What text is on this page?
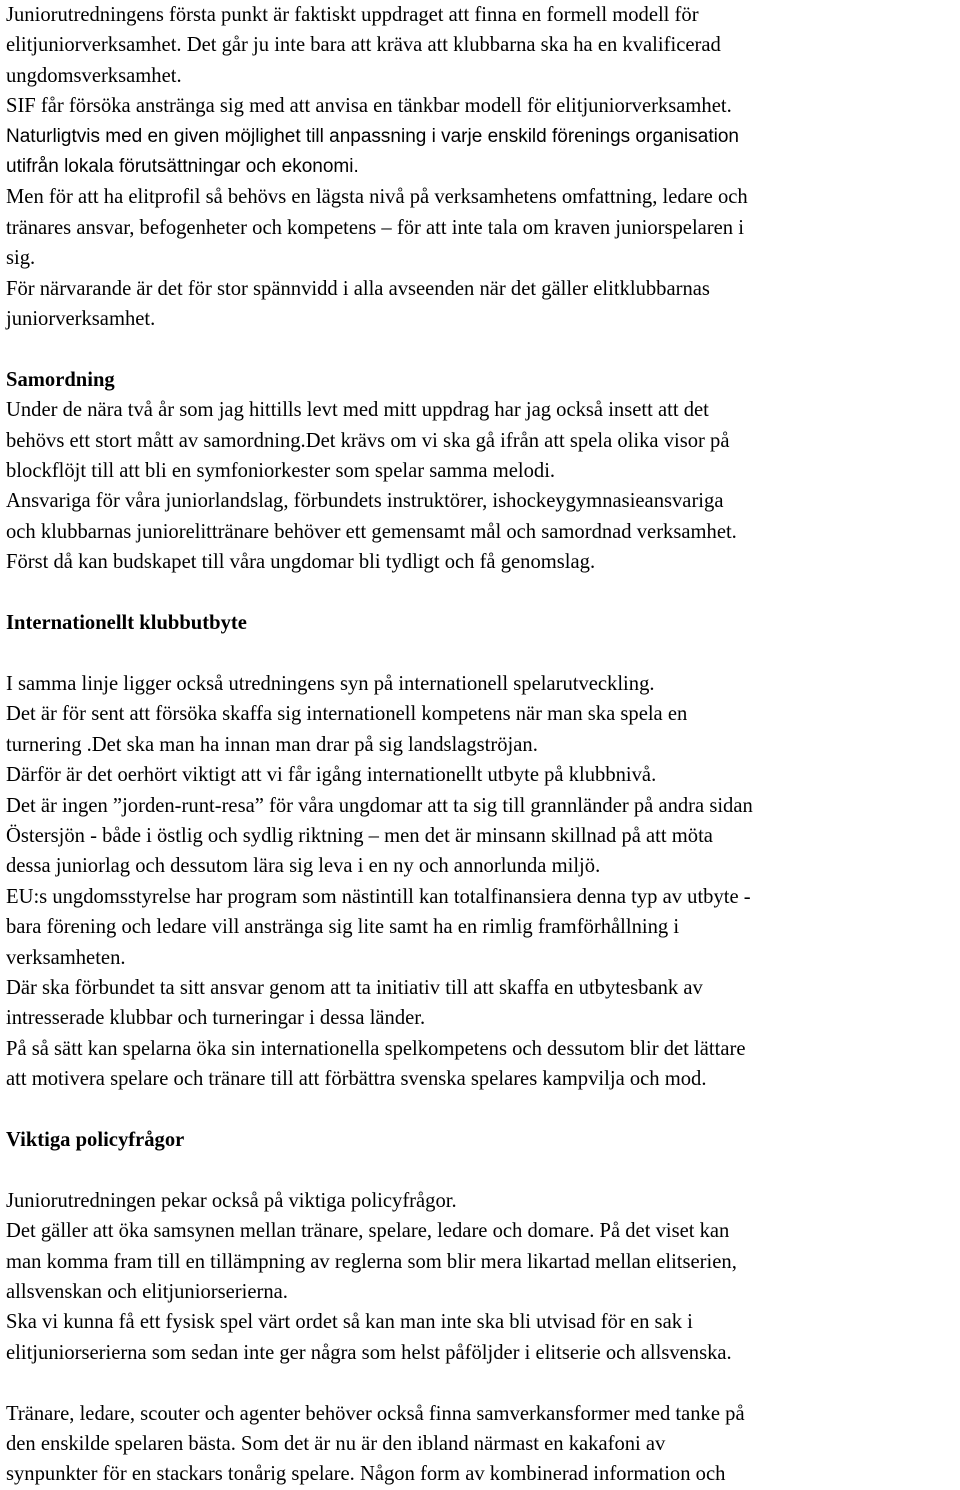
Juniorutredningens första punkt är faktiskt uppdraget att finna en formell modell för
elitjuniorverksamhet. Det går ju inte bara att kräva att klubbarna ska ha en kvalificerad
ungdomsverksamhet.

SIF får försöka anstränga sig med att anvisa en tänkbar modell för elitjuniorverksamhet.

Naturligtvis med en given möjlighet till anpassning i varje enskild förenings organisation
utifrån lokala förutsättningar och ekonomi.

Men för att ha elitprofil så behövs en lägsta nivå på verksamhetens omfattning, ledare och
tränares ansvar, befogenheter och kompetens – för att inte tala om kraven juniorspelaren i
sig.

För närvarande är det för stor spännvidd i alla avseenden när det gäller elitklubbarnas
juniorverksamhet.

Samordning

Under de nära två år som jag hittills levt med mitt uppdrag har jag också insett att det
behövs ett stort mått av samordning.Det krävs om vi ska gå ifrån att spela olika visor på
blockflöjt till att bli en symfoniorkester som spelar samma melodi.

Ansvariga för våra juniorlandslag, förbundets instruktörer, ishockeygymnasieansvariga
och klubbarnas juniorelittränare behöver ett gemensamt mål och samordnad verksamhet.

Först då kan budskapet till våra ungdomar bli tydligt och få genomslag.

Internationellt klubbutbyte

I samma linje ligger också utredningens syn på internationell spelarutveckling.

Det är för sent att försöka skaffa sig internationell kompetens när man ska spela en
turnering .Det ska man ha innan man drar på sig landslagströjan.

Därför är det oerhört viktigt att vi får igång internationellt utbyte på klubbnivå.

Det är ingen ”jorden-runt-resa” för våra ungdomar att ta sig till grannländer på andra sidan
Östersjön - både i östlig och sydlig riktning – men det är minsann skillnad på att möta
dessa juniorlag och dessutom lära sig leva i en ny och annorlunda miljö.

EU:s ungdomsstyrelse har program som nästintill kan totalfinansiera denna typ av utbyte -
bara förening och ledare vill anstränga sig lite samt ha en rimlig framförhållning i
verksamheten.

Där ska förbundet ta sitt ansvar genom att ta initiativ till att skaffa en utbytesbank av
intresserade klubbar och turneringar i dessa länder.

På så sätt kan spelarna öka sin internationella spelkompetens och dessutom blir det lättare
att motivera spelare och tränare till att förbättra svenska spelares kampvilja och mod.

Viktiga policyfrågor

Juniorutredningen pekar också på viktiga policyfrågor.

Det gäller att öka samsynen mellan tränare, spelare, ledare och domare. På det viset kan
man komma fram till en tillämpning av reglerna som blir mera likartad mellan elitserien,
allsvenskan och elitjuniorserierna.

Ska vi kunna få ett fysisk spel värt ordet så kan man inte ska bli utvisad för en sak i
elitjuniorserierna som sedan inte ger några som helst påföljder i elitserie och allsvenska.

Tränare, ledare, scouter och agenter behöver också finna samverkansformer med tanke på
den enskilde spelaren bästa. Som det är nu är den ibland närmast en kakafoni av
synpunkter för en stackars tonårig spelare. Någon form av kombinerad information och
